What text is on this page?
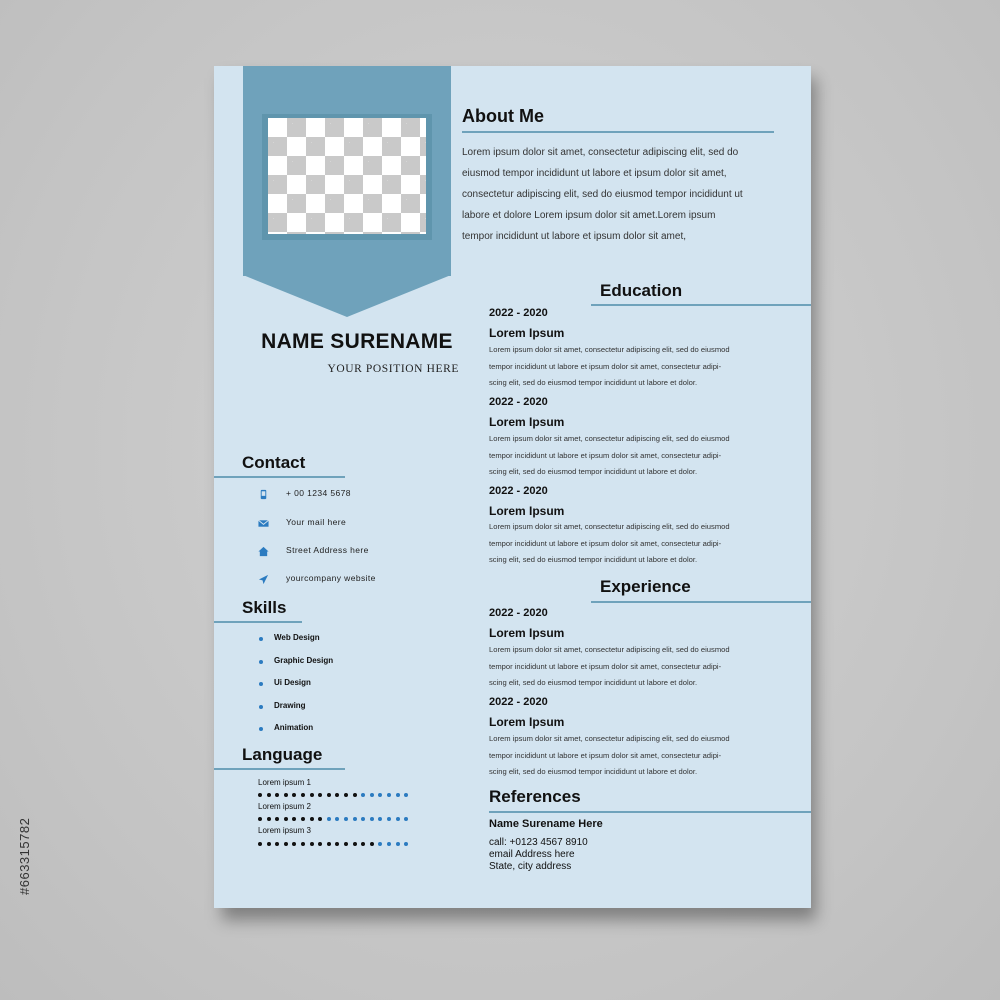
#663315782
NAME SURENAME
YOUR POSITION HERE
About Me
Lorem ipsum dolor sit amet, consectetur adipiscing elit, sed do
eiusmod tempor incididunt ut labore et ipsum dolor sit amet,
consectetur adipiscing elit, sed do eiusmod tempor incididunt ut
labore et dolore Lorem ipsum dolor sit amet.Lorem ipsum
tempor incididunt ut labore et ipsum dolor sit amet,
Contact
+ 00 1234 5678
Your mail here
Street Address here
yourcompany website
Skills
Web Design
Graphic Design
Ui Design
Drawing
Animation
Language
Lorem ipsum 1
Lorem ipsum 2
Lorem ipsum 3
Education
2022 - 2020
Lorem Ipsum
Lorem ipsum dolor sit amet, consectetur adipiscing elit, sed do eiusmod
tempor incididunt ut labore et ipsum dolor sit amet, consectetur adipi-
scing elit, sed do eiusmod tempor incididunt ut labore et dolor.
2022 - 2020
Lorem Ipsum
Lorem ipsum dolor sit amet, consectetur adipiscing elit, sed do eiusmod
tempor incididunt ut labore et ipsum dolor sit amet, consectetur adipi-
scing elit, sed do eiusmod tempor incididunt ut labore et dolor.
2022 - 2020
Lorem Ipsum
Lorem ipsum dolor sit amet, consectetur adipiscing elit, sed do eiusmod
tempor incididunt ut labore et ipsum dolor sit amet, consectetur adipi-
scing elit, sed do eiusmod tempor incididunt ut labore et dolor.
Experience
2022 - 2020
Lorem Ipsum
Lorem ipsum dolor sit amet, consectetur adipiscing elit, sed do eiusmod
tempor incididunt ut labore et ipsum dolor sit amet, consectetur adipi-
scing elit, sed do eiusmod tempor incididunt ut labore et dolor.
2022 - 2020
Lorem Ipsum
Lorem ipsum dolor sit amet, consectetur adipiscing elit, sed do eiusmod
tempor incididunt ut labore et ipsum dolor sit amet, consectetur adipi-
scing elit, sed do eiusmod tempor incididunt ut labore et dolor.
References
Name Surename Here
call: +0123 4567 8910
email Address here
State, city address
